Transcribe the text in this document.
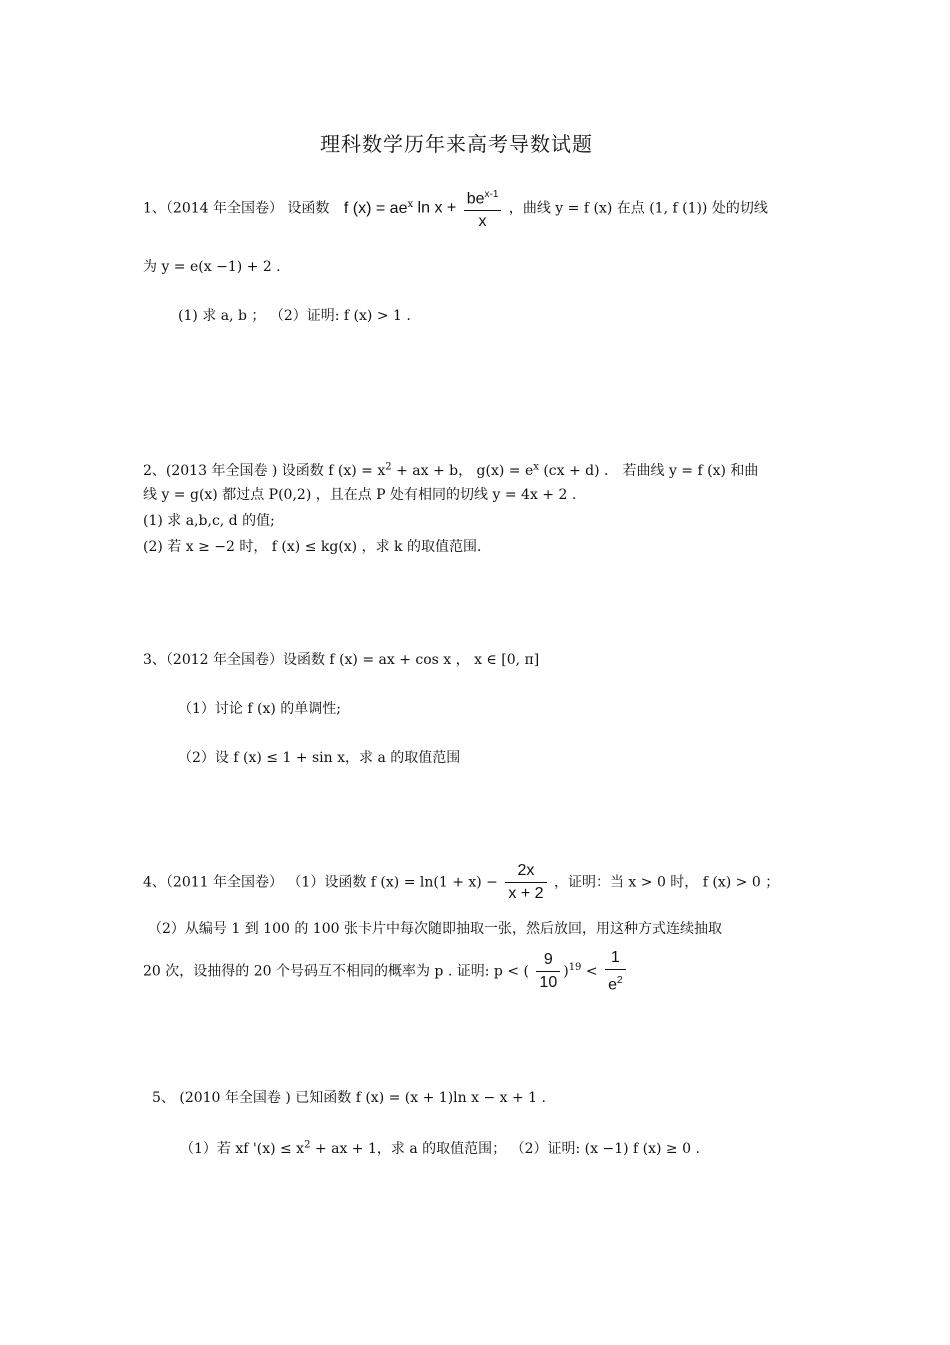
理科数学历年来高考导数试题
1、（2014 年全国卷） 设函数 f $(x) = ae^x$ $\ln x + \frac{be^{x-1}}{x}$ ，曲线 y = f (x) 在点 (1, f (1)) 处的切线
为 y = e(x −1) + 2 .
(1) 求 a, b ； （2）证明: f (x) > 1 .
2、(2013 年全国卷 ) 设函数 f $(x) = x^2$ + ax + b， $g(x) = e^x$ (cx + d) ． 若曲线 y = f (x) 和曲
线 y = g(x) 都过点 P(0,2) ，且在点 P 处有相同的切线 y = 4x + 2 .
(1) 求 a,b,c, d 的值;
(2) 若 x ≥ −2 时， f (x) ≤ kg(x) ，求 k 的取值范围.
3、（2012 年全国卷）设函数 f (x) = ax + cos x ， x ∈ [0, π]
（1）讨论 f (x) 的单调性;
（2）设 f (x) ≤ 1 + sin x，求 a 的取值范围
4、（2011 年全国卷） （1）设函数 f $(x) = \ln(1 + x) - \frac{2x}{x + 2}$ ，证明：当 x > 0 时， f (x) > 0 ；
（2）从编号 1 到 100 的 100 张卡片中每次随即抽取一张，然后放回，用这种方式连续抽取
20 次，设抽得的 20 个号码互不相同的概率为 p . 证明: p < ( $\frac{9}{10} )^{19} < \frac{1}{e^2}$
5、 (2010 年全国卷 ) 已知函数 f (x) = (x + 1)ln x − x + 1 .
（1）若 xf '$(x) \le x^2$ + ax + 1，求 a 的取值范围； （2）证明: (x −1) f (x) ≥ 0 .
